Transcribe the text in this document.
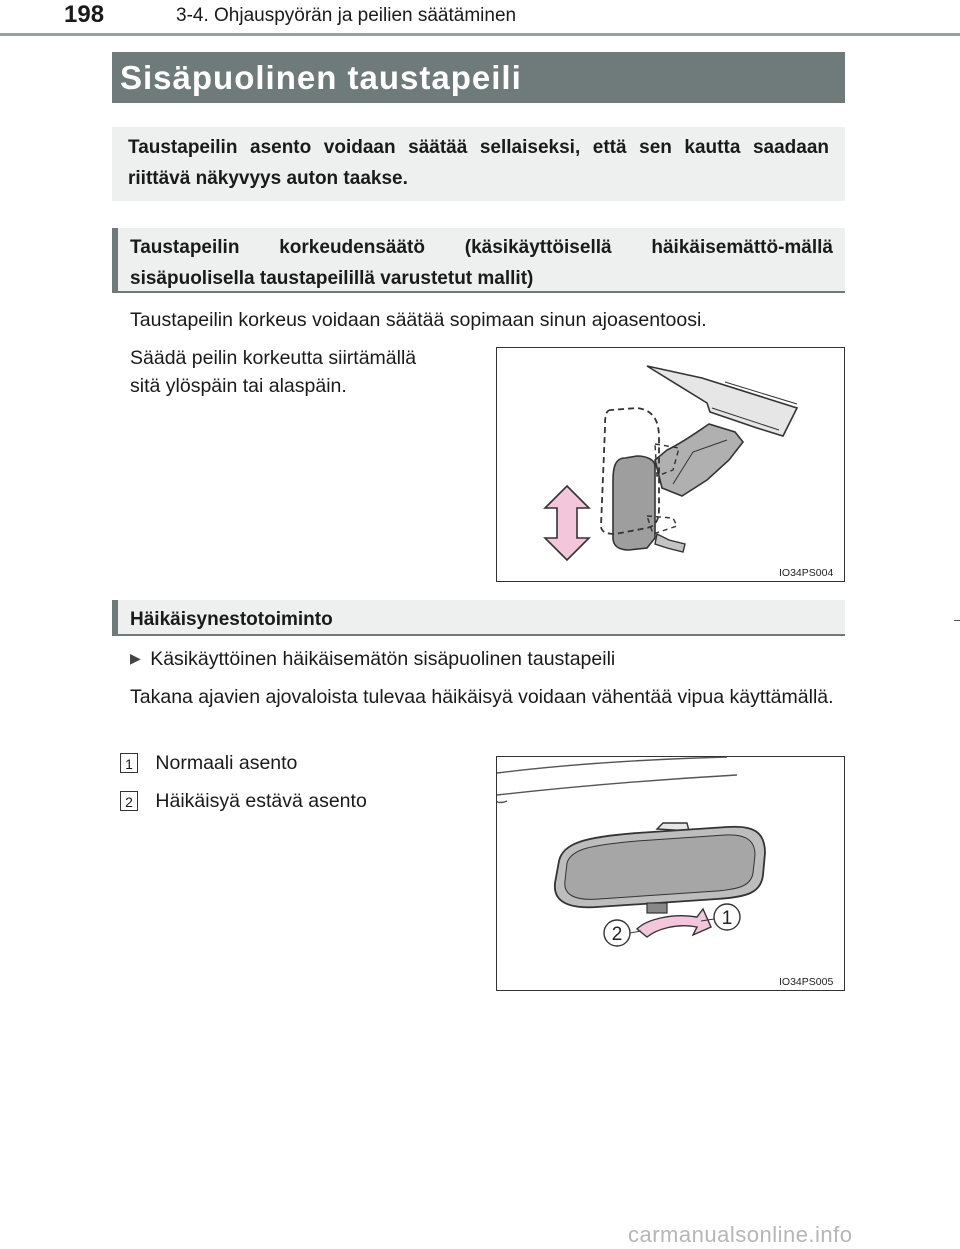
198	3-4. Ohjauspyörän ja peilien säätäminen
Sisäpuolinen taustapeili
Taustapeilin asento voidaan säätää sellaiseksi, että sen kautta saadaan riittävä näkyvyys auton taakse.
Taustapeilin korkeudensäätö (käsikäyttöisellä häikäisemättö-mällä sisäpuolisella taustapeilillä varustetut mallit)
Taustapeilin korkeus voidaan säätää sopimaan sinun ajoasentoosi.
Säädä peilin korkeutta siirtämällä
sitä ylöspäin tai alaspäin.
IO34PS004
Häikäisynestotoiminto
▶ Käsikäyttöinen häikäisemätön sisäpuolinen taustapeili
Takana ajavien ajovaloista tulevaa häikäisyä voidaan vähentää vipua käyttämällä.
1 Normaali asento
2 Häikäisyä estävä asento
1
2
IO34PS005
carmanualsonline.info
